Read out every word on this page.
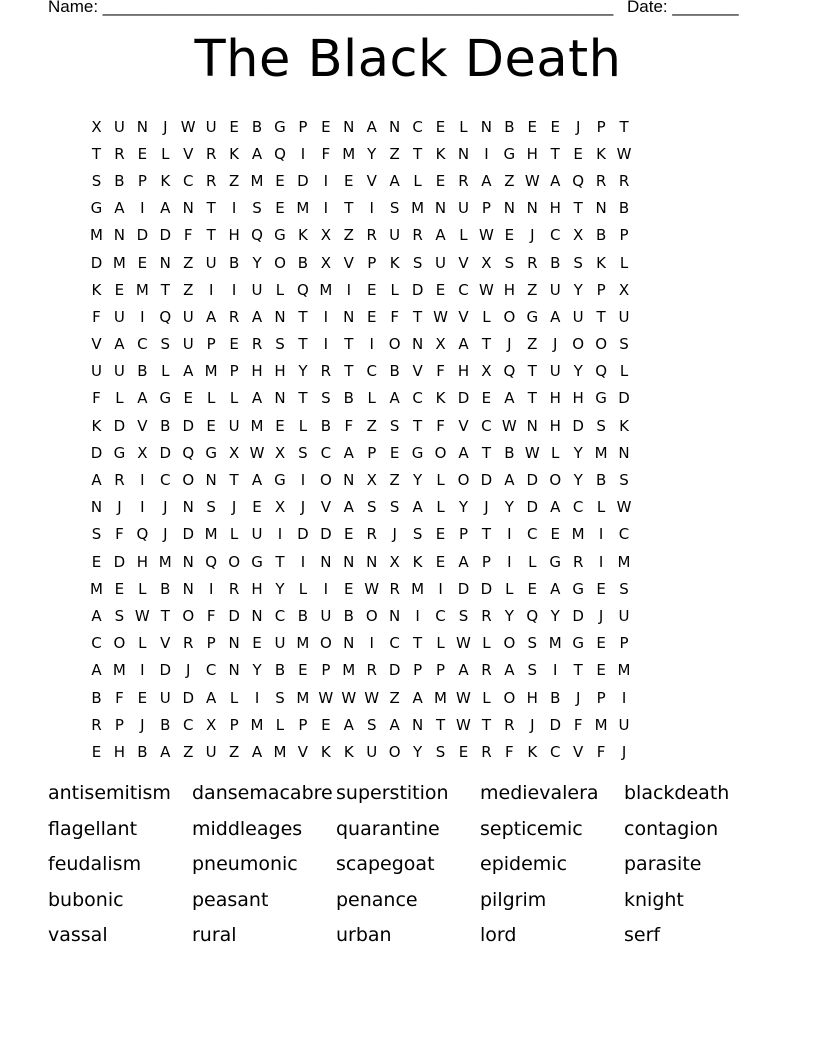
Name: ______________________________________________________

Date: _______

The Black Death
X U N	J W U E B G P E N A N C E L N B E E	J	P T
T R E L V R K A Q I	F M Y Z T K N	I G H T E K W
S B P K C R Z M E D I	E V A L E R A Z W A Q R R
G A	I	A N T	I	S E M I	T	I	S M N U P N N H T N B
M N D D F T H Q G K X Z R U R A L W E	J	C X B P
D M E N Z U B Y O B X V P K S U V X S R B S K L
K E M T Z	I	I	U L Q M I	E L D E C W H Z U Y P X
F U	I Q U A R A N T	I	N E F T W V L O G A U T U
V A C S U P E R S T	I	T	I O N X A T	J	Z	J O O S
U U B L A M P H H Y R T C B V F H X Q T U Y Q L
F L A G E L L A N T S B L A C K D E A T H H G D
K D V B D E U M E L B F Z S T F V C W N H D S K
D G X D Q G X W X S C A P E G O A T B W L Y M N
A R	I	C O N T A G I O N X Z Y L O D A D O Y B S
N	J	I	J	N S	J	E X	J	V A S S A L Y	J	Y D A C L W
S F Q J D M L U	I D D E R	J	S E P T	I	C E M I	C
E D H M N Q O G T	I	N N N X K E A P	I	L G R	I M
M E L B N	I	R H Y L	I	E W R M I D D L E A G E S
A S W T O F D N C B U B O N	I	C S R Y Q Y D J	U
C O L V R P N E U M O N	I	C T L W L O S M G E P
A M I D J	C N Y B E P M R D P P A R A S	I	T E M
B F E U D A L	I	S M W W W Z A M W L O H B	J	P	I
R P	J	B C X P M L P E A S A N T W T R	J D F M U
E H B A Z U Z A M V K K U O Y S E R F K C V F	J
antisemitism	dansemacabre superstition	medievalera	blackdeath
flagellant	middleages	quarantine	septicemic	contagion
feudalism	pneumonic	scapegoat	epidemic	parasite
bubonic	peasant	penance	pilgrim	knight
vassal	rural	urban	lord	serf
